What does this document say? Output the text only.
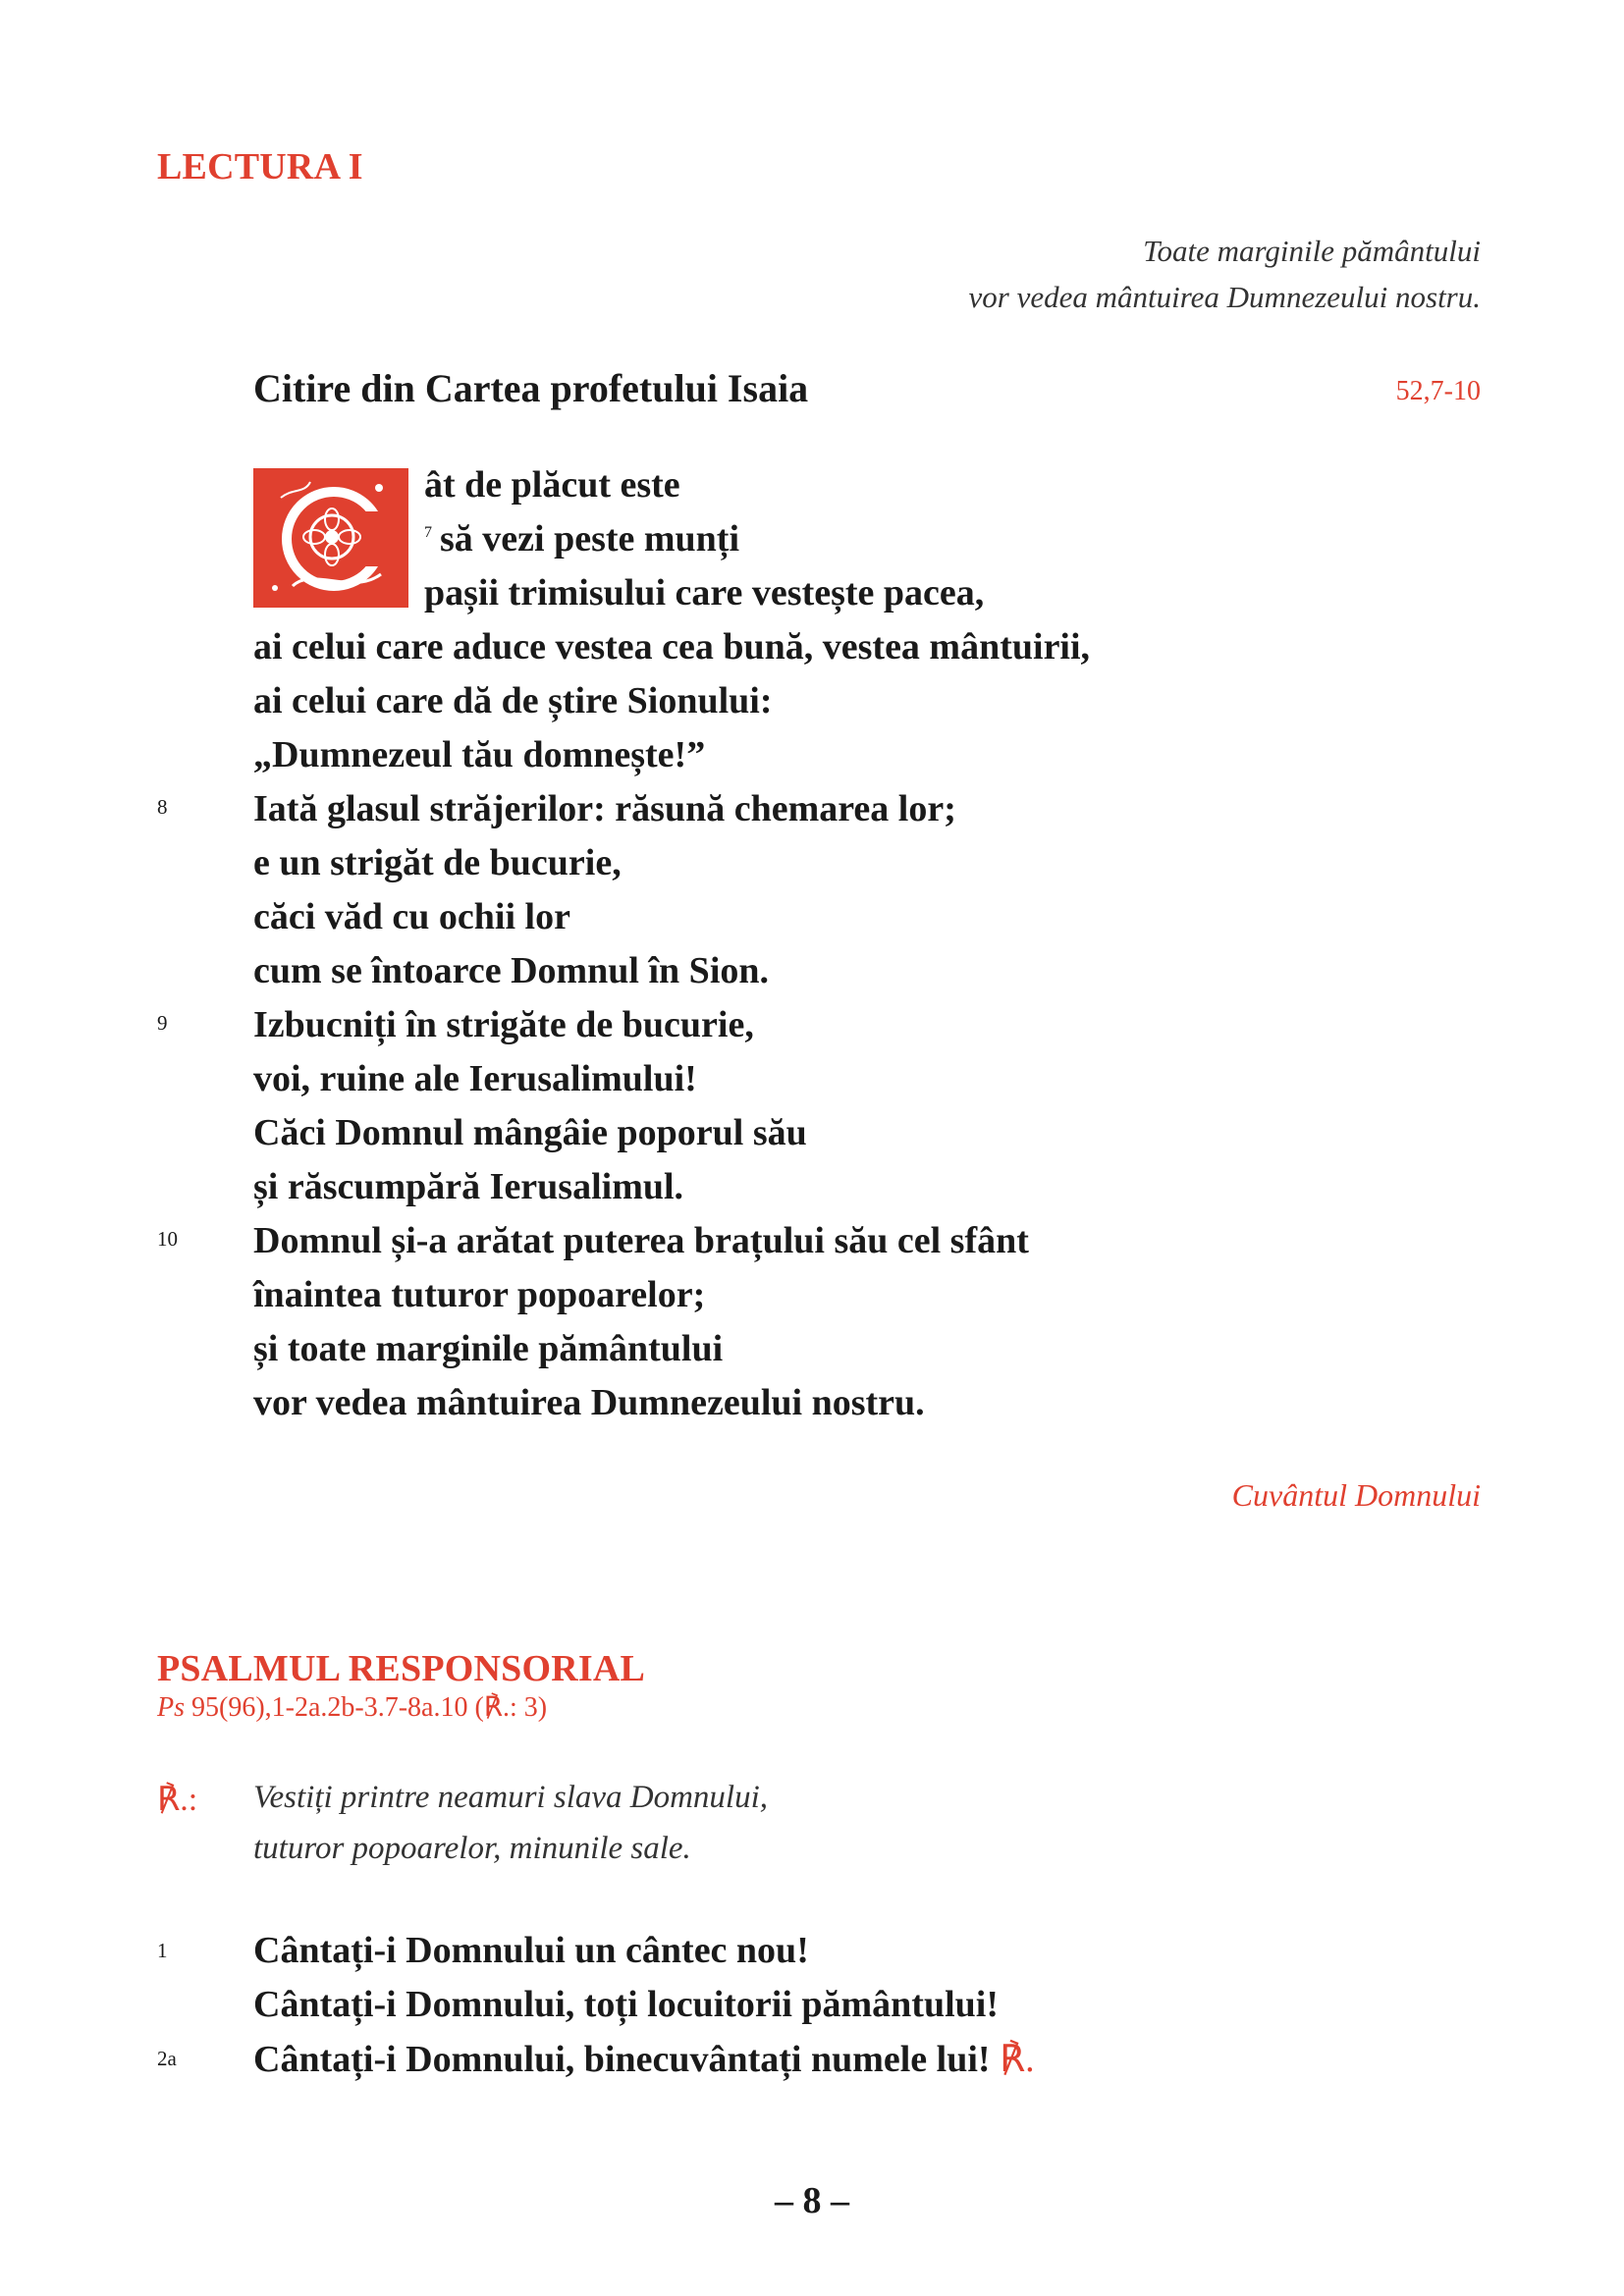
LECTURA I
Toate marginile pământului
vor vedea mântuirea Dumnezeului nostru.
Citire din Cartea profetului Isaia	52,7-10
ât de plăcut este
$^7$ să vezi peste munți
pașii trimisului care vestește pacea,
ai celui care aduce vestea cea bună, vestea mântuirii,
ai celui care dă de știre Sionului:
„Dumnezeul tău domnește!”
8 Iată glasul străjerilor: răsună chemarea lor;
e un strigăt de bucurie,
căci văd cu ochii lor
cum se întoarce Domnul în Sion.
9 Izbucniți în strigăte de bucurie,
voi, ruine ale Ierusalimului!
Căci Domnul mângâie poporul său
și răscumpără Ierusalimul.
10 Domnul și-a arătat puterea brațului său cel sfânt
înaintea tuturor popoarelor;
și toate marginile pământului
vor vedea mântuirea Dumnezeului nostru.
Cuvântul Domnului
PSALMUL RESPONSORIAL
Ps 95(96),1-2a.2b-3.7-8a.10 (℟.: 3)
℟.: Vestiți printre neamuri slava Domnului,
tuturor popoarelor, minunile sale.
1 Cântați-i Domnului un cântec nou!
Cântați-i Domnului, toți locuitorii pământului!
2a Cântați-i Domnului, binecuvântați numele lui! ℟.
– 8 –
